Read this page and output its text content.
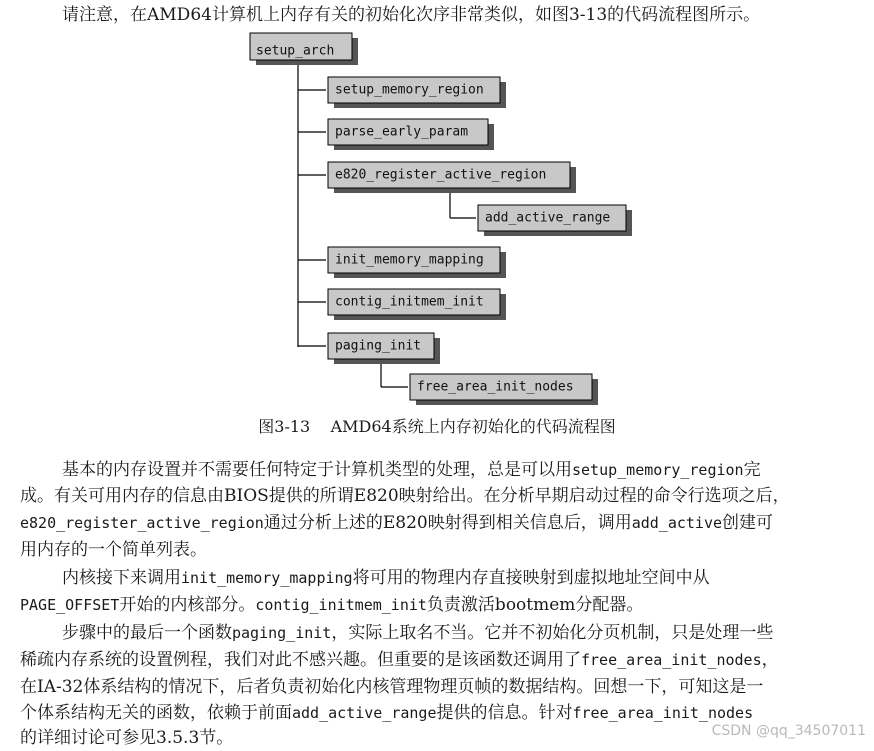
请注意，在AMD64计算机上内存有关的初始化次序非常类似，如图3-13的代码流程图所示。
setup_arch
setup_memory_region
parse_early_param
e820_register_active_region
add_active_range
init_memory_mapping
contig_initmem_init
paging_init
free_area_init_nodes
图3-13 AMD64系统上内存初始化的代码流程图
基本的内存设置并不需要任何特定于计算机类型的处理，总是可以用setup_memory_region完
成。有关可用内存的信息由BIOS提供的所谓E820映射给出。在分析早期启动过程的命令行选项之后，
e820_register_active_region通过分析上述的E820映射得到相关信息后，调用add_active创建可
用内存的一个简单列表。
内核接下来调用init_memory_mapping将可用的物理内存直接映射到虚拟地址空间中从
PAGE_OFFSET开始的内核部分。contig_initmem_init负责激活bootmem分配器。
步骤中的最后一个函数paging_init，实际上取名不当。它并不初始化分页机制，只是处理一些
稀疏内存系统的设置例程，我们对此不感兴趣。但重要的是该函数还调用了free_area_init_nodes，
在IA-32体系结构的情况下，后者负责初始化内核管理物理页帧的数据结构。回想一下，可知这是一
个体系结构无关的函数，依赖于前面add_active_range提供的信息。针对free_area_init_nodes
的详细讨论可参见3.5.3节。	CSDN @qq_34507011
